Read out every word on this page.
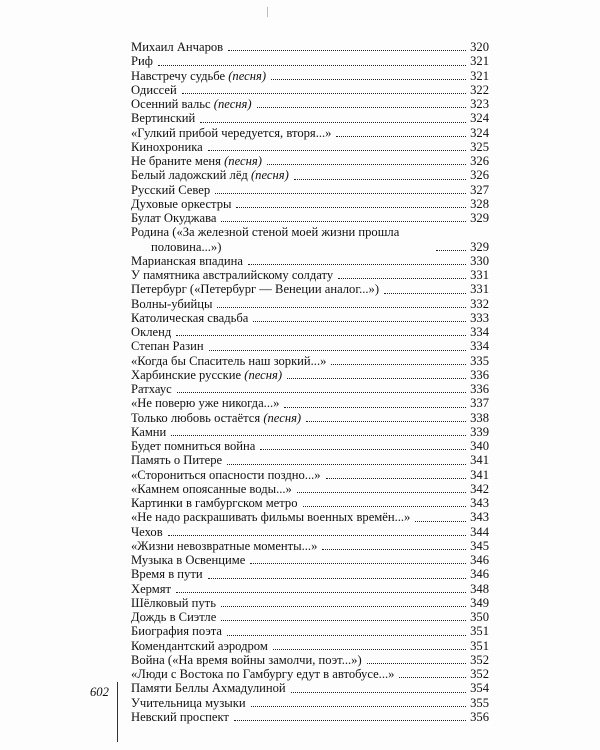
Михаил Анчаров	320
Риф	321
Навстречу судьбе (песня)	321
Одиссей	322
Осенний вальс (песня)	323
Вертинский	324
«Гулкий прибой чередуется, вторя...»	324
Кинохроника	325
Не браните меня (песня)	326
Белый ладожский лёд (песня)	326
Русский Север	327
Духовые оркестры	328
Булат Окуджава	329
Родина («За железной стеной моей жизни прошла
половина...»)	329
Марианская впадина	330
У памятника австралийскому солдату	331
Петербург («Петербург — Венеции аналог...»)	331
Волны-убийцы	332
Католическая свадьба	333
Окленд	334
Степан Разин	334
«Когда бы Спаситель наш зоркий...»	335
Харбинские русские (песня)	336
Ратхаус	336
«Не поверю уже никогда...»	337
Только любовь остаётся (песня)	338
Камни	339
Будет помниться война	340
Память о Питере	341
«Сторониться опасности поздно...»	341
«Камнем опоясанные воды...»	342
Картинки в гамбургском метро	343
«Не надо раскрашивать фильмы военных времён...»	343
Чехов	344
«Жизни невозвратные моменты...»	345
Музыка в Освенциме	346
Время в пути	346
Хермят	348
Шёлковый путь	349
Дождь в Сиэтле	350
Биография поэта	351
Комендантский аэродром	351
Война («На время войны замолчи, поэт...»)	352
«Люди с Востока по Гамбургу едут в автобусе...»	352
Памяти Беллы Ахмадулиной	354
Учительница музыки	355
Невский проспект	356
602
